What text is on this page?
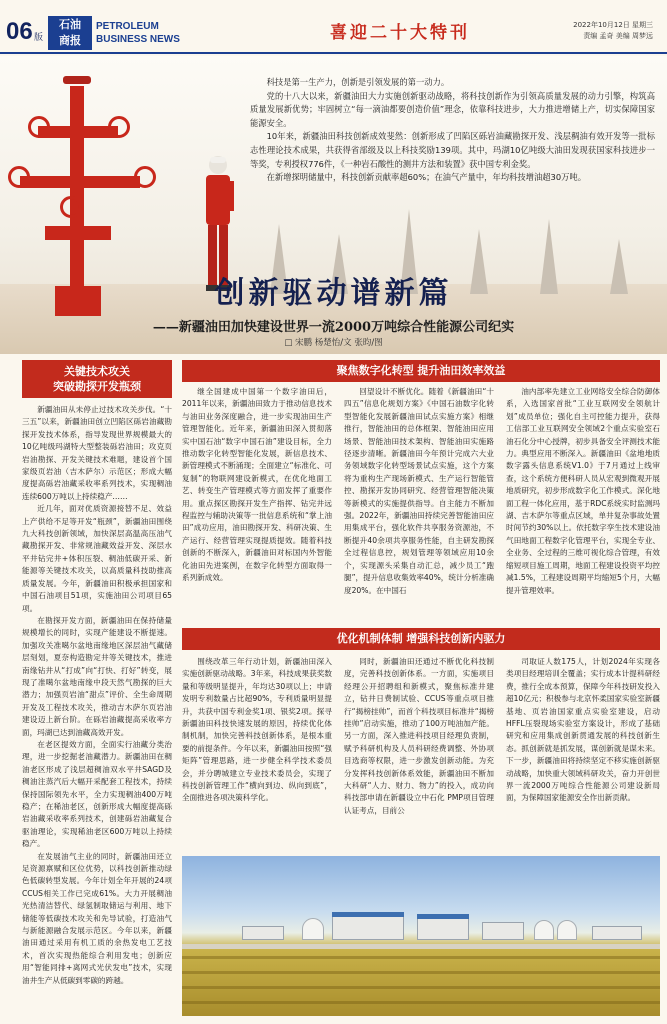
06 版
石油
商报
PETROLEUM
BUSINESS NEWS	喜迎二十大特刊	2022年10月12日 星期三
责编 孟奇 美编 周梦远

科技是第一生产力，创新是引领发展的第一动力。

党的十八大以来，新疆油田大力实施创新驱动战略，将科技创新作为引领高质量发展的动力引擎，构筑高质量发展新优势；牢固树立“每一滴油都要创造价值”理念，依靠科技进步，大力推进增储上产，切实保障国家能源安全。

10年来，新疆油田科技创新成效斐然：创新形成了凹陷区砾岩油藏勘探开发、浅层稠油有效开发等一批标志性理论技术成果，共获得省部级及以上科技奖励139项。其中，玛湖10亿吨级大油田发现获国家科技进步一等奖，专利授权776件，《一种岩石酸性的测井方法和装置》获中国专利金奖。

在新增探明储量中，科技创新贡献率超60%；在油气产量中，年均科技增油超30万吨。

创新驱动谱新篇
——新疆油田加快建设世界一流2000万吨综合性能源公司纪实
□ 宋鹏 杨楚怡/文 张昀/图
关键技术攻关
突破勘探开发瓶颈
聚焦数字化转型 提升油田效率效益
优化机制体制 增强科技创新内驱力

新疆油田从未停止过技术攻关步伐。“十三五”以来，新疆油田创立凹陷区砾岩油藏勘探开发技术体系，指导发现世界规模最大的10亿吨级玛湖特大型整装砾岩油田；攻克页岩油勘探、开发关键技术难题，建设首个国家级页岩油（吉木萨尔）示范区；形成大幅度提高砾岩油藏采收率系列技术，实现稠油连续600万吨以上持续稳产……

近几年，面对优质资源接替不足、效益上产供给不足等开发“瓶颈”，新疆油田围绕九大科技创新领域，加快深层高温高压油气藏勘探开发、非常规油藏效益开发、深层水平井钻完井+体积压裂、稠油低碳开采、新能源等关键技术攻关，以高质量科技助推高质量发展。今年，新疆油田积极承担国家和中国石油项目51项，实施油田公司项目65项。

在勘探开发方面，新疆油田在保持储量规模增长的同时，实现产能建设不断提速。加强攻关准噶尔盆地南缘地区深层油气藏储层刻划，夏奈构造勘定井等关键技术，推进南缘钻井从“打成”向“打快、打好”转变，展现了准噶尔盆地南缘中段天然气勘探的巨大潜力；加强页岩油“甜点”评价、全生命周期开发及工程技术攻关，推动吉木萨尔页岩油建设迈上新台阶。在砾岩油藏提高采收率方面，玛湖已达到油藏高效开发。

在老区提效方面，全面实行油藏分类治理，进一步挖掘老油藏潜力。新疆油田在稠油老区形成了浅层超稠油双水平井SAGD及稠油注蒸汽后大幅开采配套工程技术，持续保持国际领先水平，全力实现稠油400万吨稳产；在稀油老区，创新形成大幅度提高砾岩油藏采收率系列技术，创建砾岩油藏复合驱油理论，实现稀油老区600万吨以上持续稳产。

在发展油气主业的同时，新疆油田还立足资源禀赋和区位优势，以科技创新推动绿色低碳转型发展。今年计划全年开展的24项CCUS相关工作已完成61%。大力开展稠油光热清洁替代、绿氢制取储运与利用、地下储能等低碳技术攻关和先导试验，打造油气与新能源融合发展示范区。今年以来，新疆油田通过采用有机工质的余热发电工艺技术，首次实现热能综合利用发电；创新应用“智能同排+离网式光伏发电”技术，实现油井生产从低碳到零碳的跨越。

继全国建成中国第一个数字油田后，2011年以来，新疆油田致力于推动信息技术与油田业务深度融合，进一步实现油田生产管理智能化。近年来，新疆油田深入贯彻落实中国石油“数字中国石油”建设目标，全力推动数字化转型智能化发展，新信息技术、新管理模式不断涌现；全面建立“标准化、可复制”的物联网建设新模式，在优化地面工艺、转变生产管理模式等方面发挥了重要作用。重点探区勘探开发生产指挥、钻完井远程监控与辅助决策等一批信息系统和“掌上油田”成功应用，油田勘探开发、科研决策、生产运行、经营管理实现提质提效。随着科技创新的不断深入，新疆油田对标国内外智能化油田先进案例，在数字化转型方面取得一系列新成效。

回望设计不断优化。随着《新疆油田“十四五”信息化规划方案》《中国石油数字化转型智能化发展新疆油田试点实施方案》相继推行，智能油田的总体框架、智能油田应用场景、智能油田技术架构、智能油田实施路径逐步清晰。新疆油田今年预计完成六大业务领域数字化转型场景试点实施，这个方案将为重构生产现场新模式、生产运行智能管控、勘探开发协同研究、经营管理智能决策等新模式的实施提供指导。自主能力不断加强。2022年，新疆油田持续完善智能油田应用集成平台，强化软件共享服务资源池，不断提升40余项共享服务性能，自主研发勘探全过程信息控，规划管理等领域应用10余个，实现源头采集自动汇总，减少员工“跑腿”，提升信息收集效率40%，统计分析准确度20%。在中国石

油内部率先建立工业网络安全综合防御体系，入选国家首批“工业互联网安全领航计划”成员单位；强化自主可控能力提升，获得工信部工业互联网安全领域2个重点实验室石油石化分中心授牌，初步具备安全评测技术能力。典型应用不断深入。新疆油田《盆地地质数字露头信息系统V1.0》于7月通过上线审查，这个系统方便科研人员从宏观到微观开展地质研究，初步形成数字化工作模式。深化地面工程一体化应用，基于RDC系统实时监测玛湖、吉木萨尔等重点区域，单井复杂事故处置时间节约30%以上。依托数字孪生技术建设油气田地面工程数字化管理平台，实现全专业、全业务、全过程的三维可视化综合管理，有效缩短项目施工周期，地面工程建设投资平均控减1.5%，工程建设周期平均缩短5个月，大幅提升管理效率。

围绕改革三年行动计划，新疆油田深入实施创新驱动战略。3年来，科技成果获奖数量和等级明显提升，年均达30项以上；申请发明专利数量占比超90%，专利质量明显提升，共获中国专利金奖1项、银奖2项。探寻新疆油田科技快速发展的原因，持续优化体制机制，加快完善科技创新体系，是根本重要的前提条件。今年以来，新疆油田按照“强矩阵”管理思路，进一步健全科学技术委员会，并分聘城建立专业技术委员会，实现了科技创新管理工作“横向到边、纵向到底”，全面推进各项决策科学化。

同时，新疆油田还通过不断优化科技制度，完善科技创新体系。一方面，实施项目经理公开招聘组和新模式，聚焦标准井建立，钻井日费制试验、CCUS等重点项目推行“揭榜挂帅”，而首个科技项目标准井“揭榜挂帅”启动实施，推动了100万吨油加产能。另一方面，深入推进科技项目经理负责制，赋予科研机构及人员科研经费调整、外协项目选商等权限，进一步激发创新动能。为充分发挥科技创新体系效能，新疆油田不断加大科研“人力、财力、物力”的投入，成功向科技部申请在新疆设立中石化 PMP项目管理认证考点，目前公

司取证人数175人，计划2024年实现各类项目经理培训全覆盖；实行成本计提科研经费，推行全成本预算，保障今年科技研发投入超10亿元；积极参与北京怀柔国家实验室新疆基地、页岩油国家重点实验室建设，启动HFFL压裂现场实验室方案设计，形成了基础研究和应用集成创新贯通发展的科技创新生态。抓创新就是抓发展，谋创新就是谋未来。下一步，新疆油田将持续坚定不移实施创新驱动战略，加快重大领域科研攻关，奋力开创世界一流2000万吨综合性能源公司建设新局面，为保障国家能源安全作出新贡献。
